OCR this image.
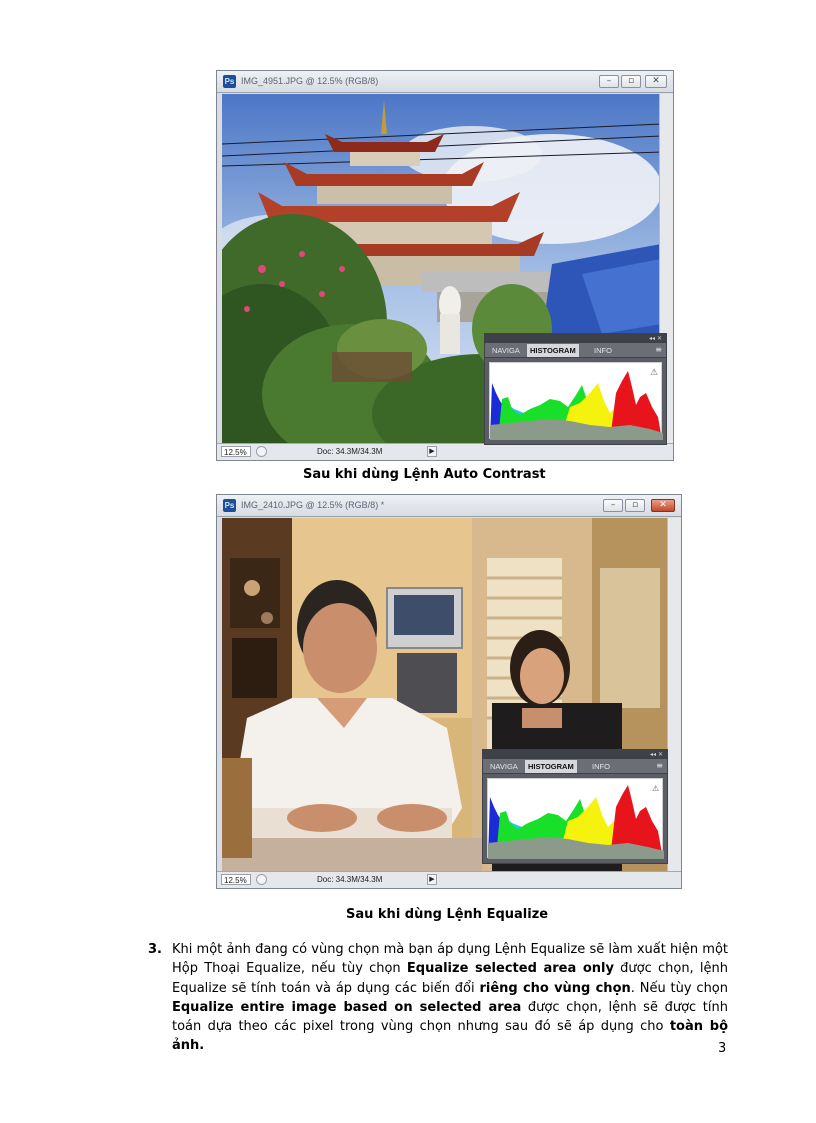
Ps IMG_4951.JPG @ 12.5% (RGB/8)	–	▫	✕
12.5%	Doc: 34.3M/34.3M	▶
◂◂ ✕
NAVIGA	HISTOGRAM	INFO	≡
⚠
Sau khi dùng Lệnh Auto Contrast
Ps IMG_2410.JPG @ 12.5% (RGB/8) *	–	▫	✕
12.5%	Doc: 34.3M/34.3M	▶
◂◂ ✕
NAVIGA	HISTOGRAM	INFO	≡
⚠
Sau khi dùng Lệnh Equalize
3. Khi một ảnh đang có vùng chọn mà bạn áp dụng Lệnh Equalize sẽ làm xuất hiện một Hộp Thoại Equalize, nếu tùy chọn Equalize selected area only được chọn, lệnh Equalize sẽ tính toán và áp dụng các biến đổi riêng cho vùng chọn. Nếu tùy chọn Equalize entire image based on selected area được chọn, lệnh sẽ được tính toán dựa theo các pixel trong vùng chọn nhưng sau đó sẽ áp dụng cho toàn bộ ảnh.	3
